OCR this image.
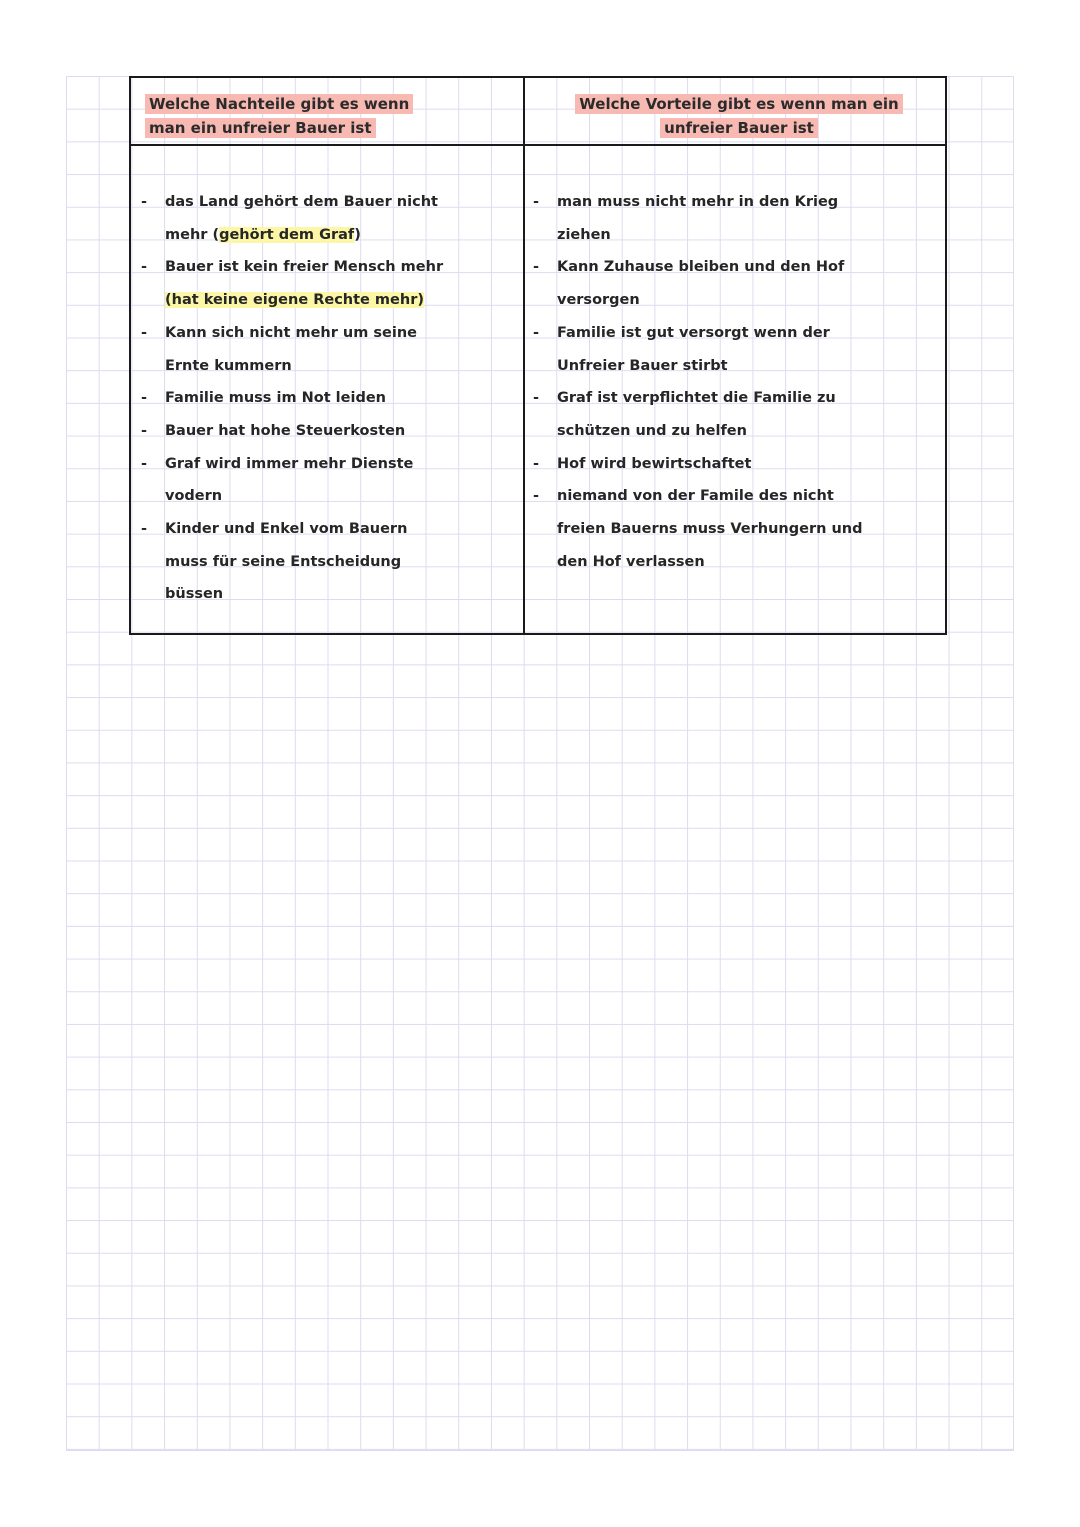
Welche Nachteile gibt es wenn
man ein unfreier Bauer ist
Welche Vorteile gibt es wenn man ein
unfreier Bauer ist
- das Land gehört dem Bauer nicht
mehr (gehört dem Graf)
- Bauer ist kein freier Mensch mehr
(hat keine eigene Rechte mehr)
- Kann sich nicht mehr um seine
Ernte kummern
- Familie muss im Not leiden
- Bauer hat hohe Steuerkosten
- Graf wird immer mehr Dienste
vodern
- Kinder und Enkel vom Bauern
muss für seine Entscheidung
büssen
- man muss nicht mehr in den Krieg
ziehen
- Kann Zuhause bleiben und den Hof
versorgen
- Familie ist gut versorgt wenn der
Unfreier Bauer stirbt
- Graf ist verpflichtet die Familie zu
schützen und zu helfen
- Hof wird bewirtschaftet
- niemand von der Famile des nicht
freien Bauerns muss Verhungern und
den Hof verlassen
